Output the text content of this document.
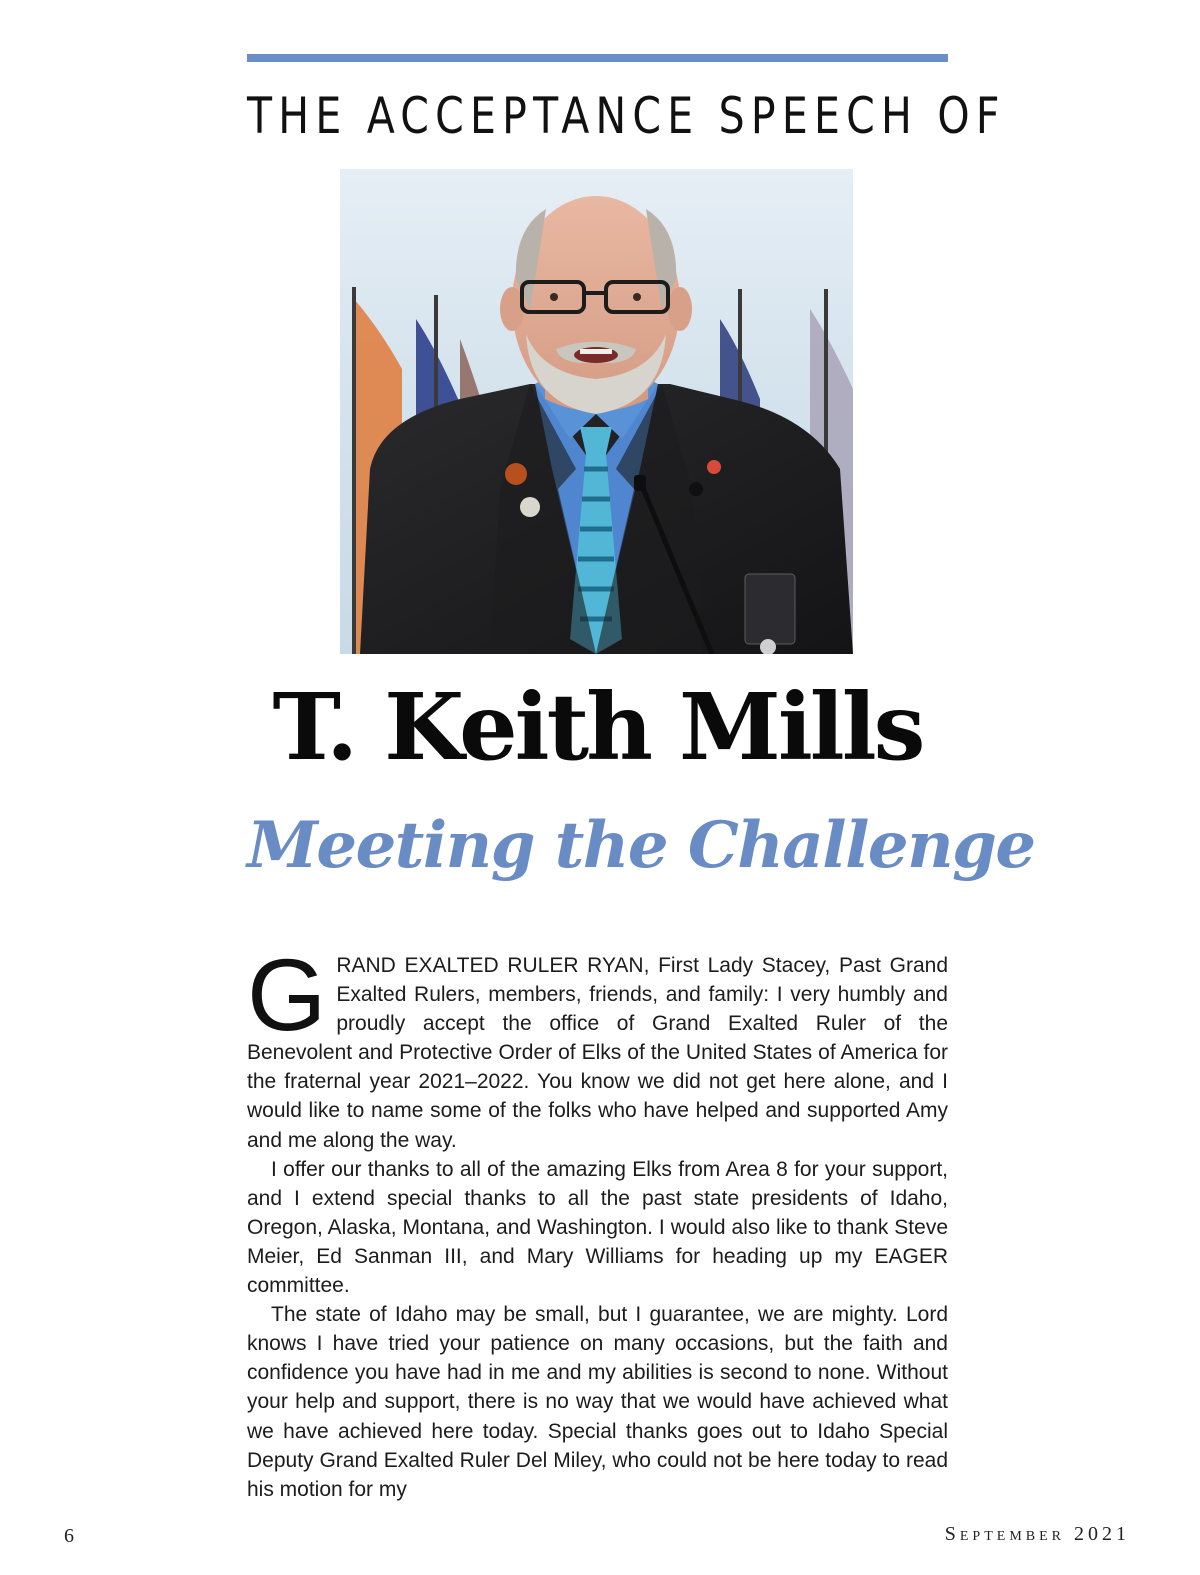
THE ACCEPTANCE SPEECH OF
T. Keith Mills
Meeting the Challenge

GRAND EXALTED RULER RYAN, First Lady Stacey, Past Grand Exalted Rulers, members, friends, and family: I very humbly and proudly accept the office of Grand Exalted Ruler of the Benevolent and Protective Order of Elks of the United States of America for the fraternal year 2021–2022. You know we did not get here alone, and I would like to name some of the folks who have helped and supported Amy and me along the way.

I offer our thanks to all of the amazing Elks from Area 8 for your support, and I extend special thanks to all the past state presidents of Idaho, Oregon, Alaska, Montana, and Washington. I would also like to thank Steve Meier, Ed Sanman III, and Mary Williams for heading up my EAGER committee.

The state of Idaho may be small, but I guarantee, we are mighty. Lord knows I have tried your patience on many occasions, but the faith and confidence you have had in me and my abilities is second to none. Without your help and support, there is no way that we would have achieved what we have achieved here today. Special thanks goes out to Idaho Special Deputy Grand Exalted Ruler Del Miley, who could not be here today to read his motion for my

6	September 2021
